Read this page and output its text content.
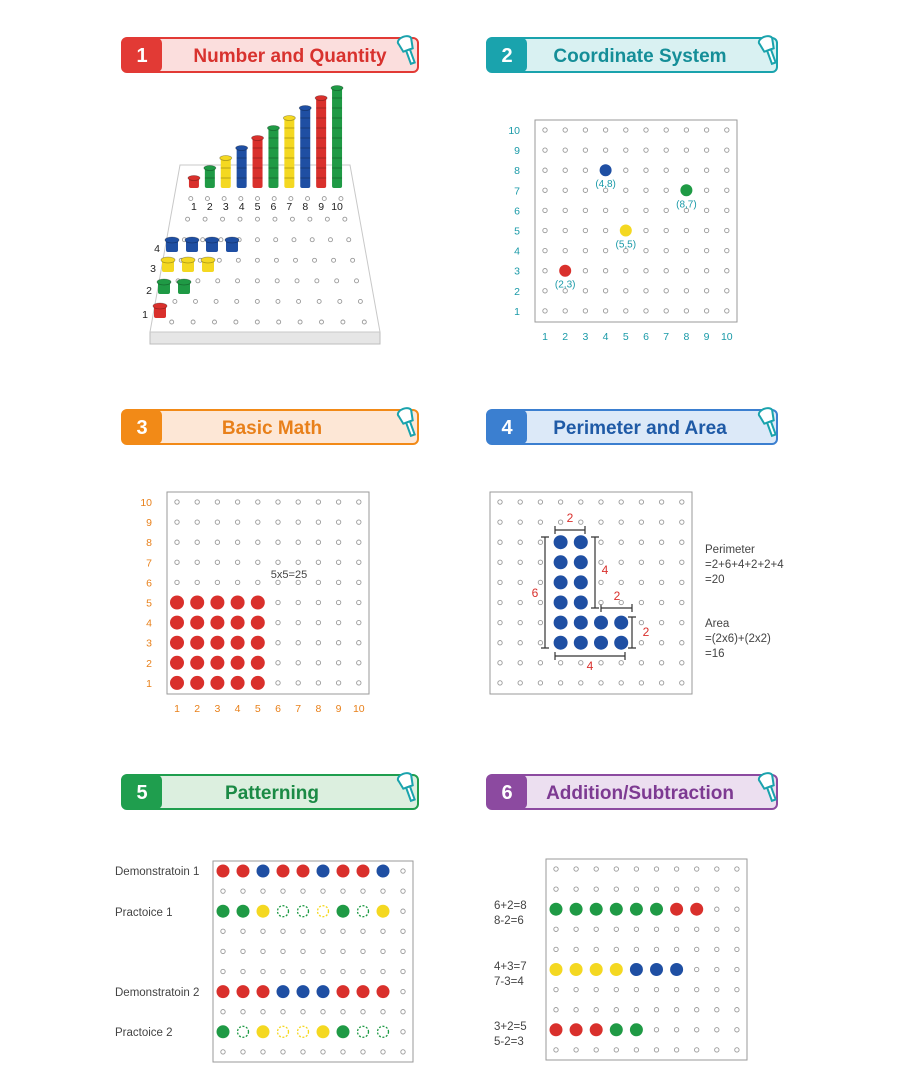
1 Number and Quantity	2 Coordinate System
3	Basic Math	4 Perimeter and Area
5	Patterning	6 Addition/Subtraction
1 2 3 4 5 6 7 8 9 10
4
3
2
1
1 2 3 4 5 6 7 8 9 10
10
9
8
7
6
5
4
3
2
1
(4,8)
(8,7)
(5,5)
(2,3)
5x5=25
1 2 3 4 5 6 7 8 9 10
10
9
8
7
6
5
4
3
2
1
2
6
4
2
2
4
Perimeter
=2+6+4+2+2+4
=20
Area
=(2x6)+(2x2)
=16
Demonstratoin 1
Practoice 1
Demonstratoin 2
Practoice 2
6+2=8
8-2=6
4+3=7
7-3=4
3+2=5
5-2=3
